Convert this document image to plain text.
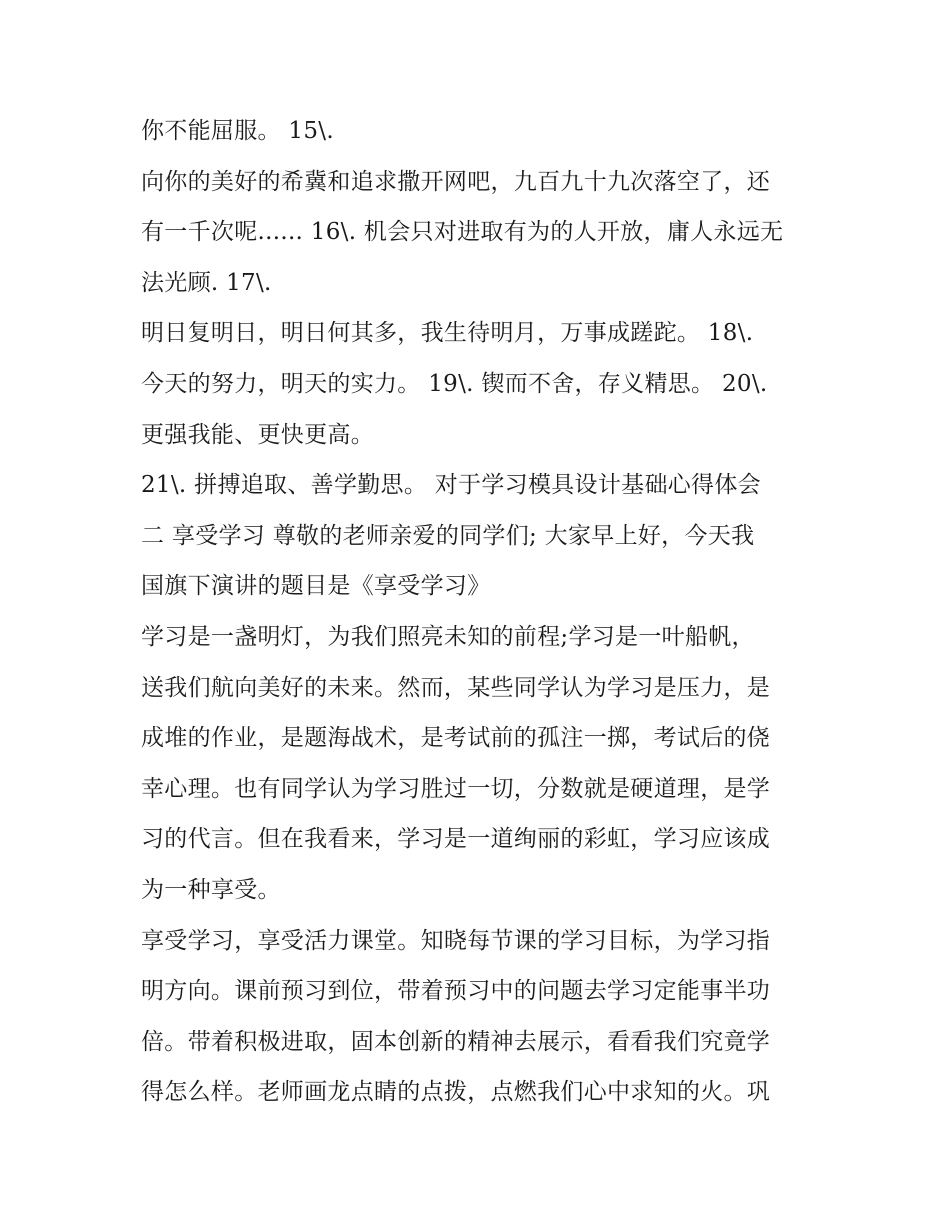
你不能屈服。 15\.
向你的美好的希冀和追求撒开网吧，九百九十九次落空了，还
有一千次呢...... 16\. 机会只对进取有为的人开放，庸人永远无
法光顾. 17\.
明日复明日，明日何其多，我生待明月，万事成蹉跎。 18\.
今天的努力，明天的实力。 19\. 锲而不舍，存义精思。 20\.
更强我能、更快更高。
21\. 拼搏追取、善学勤思。 对于学习模具设计基础心得体会
二 享受学习 尊敬的老师亲爱的同学们; 大家早上好，今天我
国旗下演讲的题目是《享受学习》
学习是一盏明灯，为我们照亮未知的前程;学习是一叶船帆，
送我们航向美好的未来。然而，某些同学认为学习是压力，是
成堆的作业，是题海战术，是考试前的孤注一掷，考试后的侥
幸心理。也有同学认为学习胜过一切，分数就是硬道理，是学
习的代言。但在我看来，学习是一道绚丽的彩虹，学习应该成
为一种享受。
享受学习，享受活力课堂。知晓每节课的学习目标，为学习指
明方向。课前预习到位，带着预习中的问题去学习定能事半功
倍。带着积极进取，固本创新的精神去展示，看看我们究竟学
得怎么样。老师画龙点睛的点拨，点燃我们心中求知的火。巩
